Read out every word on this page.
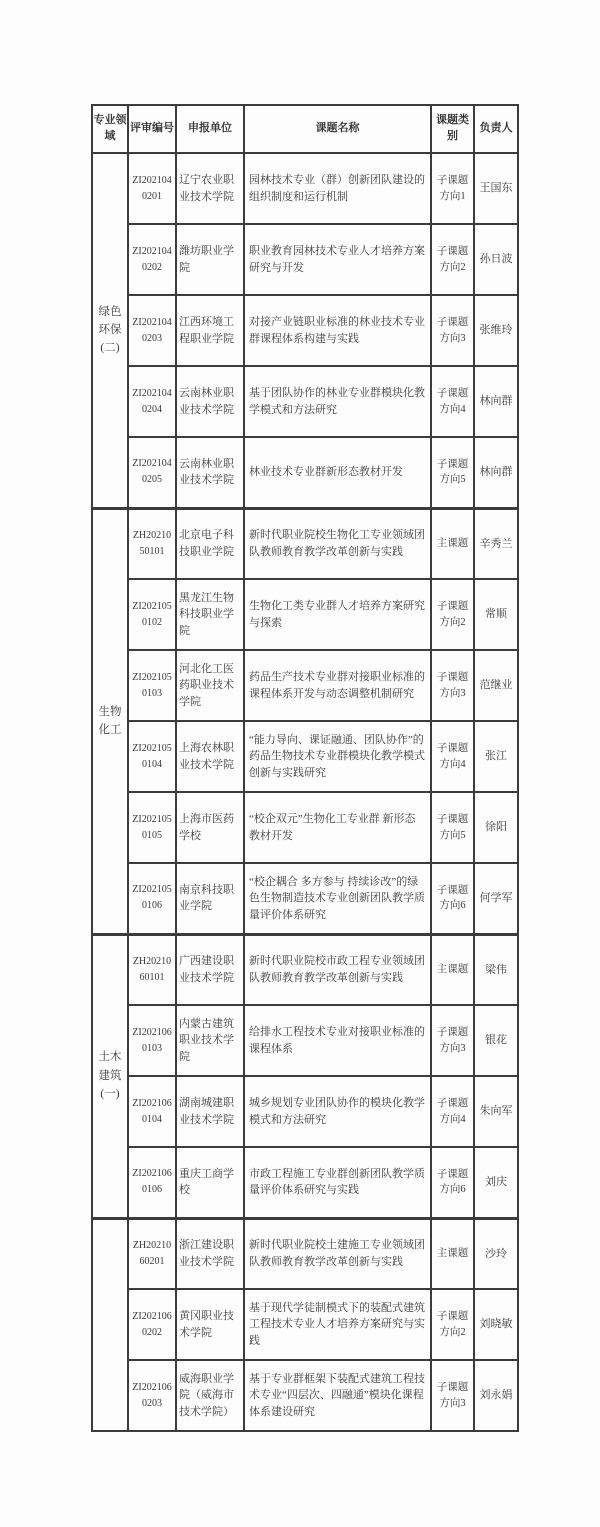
专业领域	评审编号	申报单位	课题名称	课题类别	负责人
绿色环保(二)	ZI2021040201	辽宁农业职业技术学院	园林技术专业（群）创新团队建设的组织制度和运行机制	子课题方向1	王国东
	ZI2021040202	潍坊职业学院	职业教育园林技术专业人才培养方案研究与开发	子课题方向2	孙日波
	ZI2021040203	江西环境工程职业学院	对接产业链职业标准的林业技术专业群课程体系构建与实践	子课题方向3	张维玲
	ZI2021040204	云南林业职业技术学院	基于团队协作的林业专业群模块化教学模式和方法研究	子课题方向4	林向群
	ZI2021040205	云南林业职业技术学院	林业技术专业群新形态教材开发	子课题方向5	林向群
生物化工	ZH2021050101	北京电子科技职业学院	新时代职业院校生物化工专业领域团队教师教育教学改革创新与实践	主课题	辛秀兰
	ZI2021050102	黑龙江生物科技职业学院	生物化工类专业群人才培养方案研究与探索	子课题方向2	常顺
	ZI2021050103	河北化工医药职业技术学院	药品生产技术专业群对接职业标准的课程体系开发与动态调整机制研究	子课题方向3	范继业
	ZI2021050104	上海农林职业技术学院	“能力导向、课证融通、团队协作”的药品生物技术专业群模块化教学模式创新与实践研究	子课题方向4	张江
	ZI2021050105	上海市医药学校	“校企双元”生物化工专业群 新形态教材开发	子课题方向5	徐阳
	ZI2021050106	南京科技职业学院	“校企耦合 多方参与 持续诊改”的绿色生物制造技术专业创新团队教学质量评价体系研究	子课题方向6	何学军
土木建筑(一)	ZH2021060101	广西建设职业技术学院	新时代职业院校市政工程专业领域团队教师教育教学改革创新与实践	主课题	梁伟
	ZI2021060103	内蒙古建筑职业技术学院	给排水工程技术专业对接职业标准的课程体系	子课题方向3	银花
	ZI2021060104	湖南城建职业技术学院	城乡规划专业团队协作的模块化教学模式和方法研究	子课题方向4	朱向军
	ZI2021060106	重庆工商学校	市政工程施工专业群创新团队教学质量评价体系研究与实践	子课题方向6	刘庆
	ZH2021060201	浙江建设职业技术学院	新时代职业院校土建施工专业领域团队教师教育教学改革创新与实践	主课题	沙玲
	ZI2021060202	黄冈职业技术学院	基于现代学徒制模式下的装配式建筑工程技术专业人才培养方案研究与实践	子课题方向2	刘晓敏
	ZI2021060203	威海职业学院（威海市技术学院）	基于专业群框架下装配式建筑工程技术专业“四层次、四融通”模块化课程体系建设研究	子课题方向3	刘永娟
